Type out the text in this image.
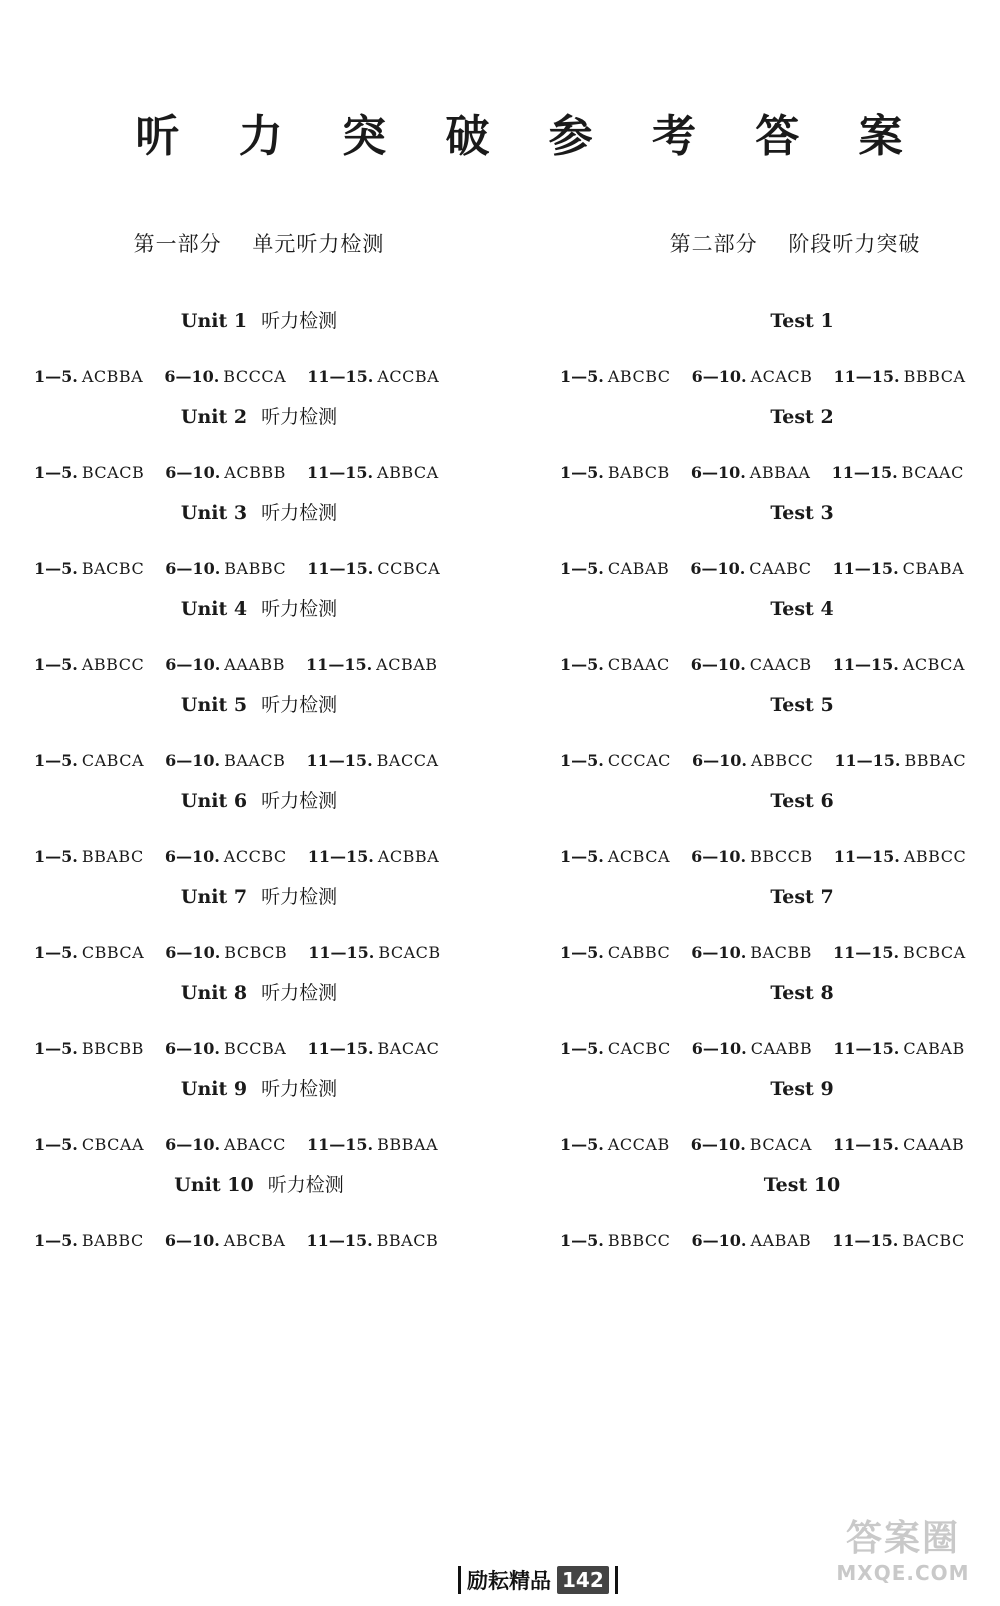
听 力 突 破 参 考 答 案
第一部分    单元听力检测
Unit 1 听力检测
1—5. ACBBA 6—10. BCCCA 11—15. ACCBA
Unit 2 听力检测
1—5. BCACB 6—10. ACBBB 11—15. ABBCA
Unit 3 听力检测
1—5. BACBC 6—10. BABBC 11—15. CCBCA
Unit 4 听力检测
1—5. ABBCC 6—10. AAABB 11—15. ACBAB
Unit 5 听力检测
1—5. CABCA 6—10. BAACB 11—15. BACCA
Unit 6 听力检测
1—5. BBABC 6—10. ACCBC 11—15. ACBBA
Unit 7 听力检测
1—5. CBBCA 6—10. BCBCB 11—15. BCACB
Unit 8 听力检测
1—5. BBCBB 6—10. BCCBA 11—15. BACAC
Unit 9 听力检测
1—5. CBCAA 6—10. ABACC 11—15. BBBAA
Unit 10 听力检测
1—5. BABBC 6—10. ABCBA 11—15. BBACB
第二部分    阶段听力突破
Test 1
1—5. ABCBC 6—10. ACACB 11—15. BBBCA
Test 2
1—5. BABCB 6—10. ABBAA 11—15. BCAAC
Test 3
1—5. CABAB 6—10. CAABC 11—15. CBABA
Test 4
1—5. CBAAC 6—10. CAACB 11—15. ACBCA
Test 5
1—5. CCCAC 6—10. ABBCC 11—15. BBBAC
Test 6
1—5. ACBCA 6—10. BBCCB 11—15. ABBCC
Test 7
1—5. CABBC 6—10. BACBB 11—15. BCBCA
Test 8
1—5. CACBC 6—10. CAABB 11—15. CABAB
Test 9
1—5. ACCAB 6—10. BCACA 11—15. CAAAB
Test 10
1—5. BBBCC 6—10. AABAB 11—15. BACBC
励耘精品 142
答案圈
MXQE.COM
